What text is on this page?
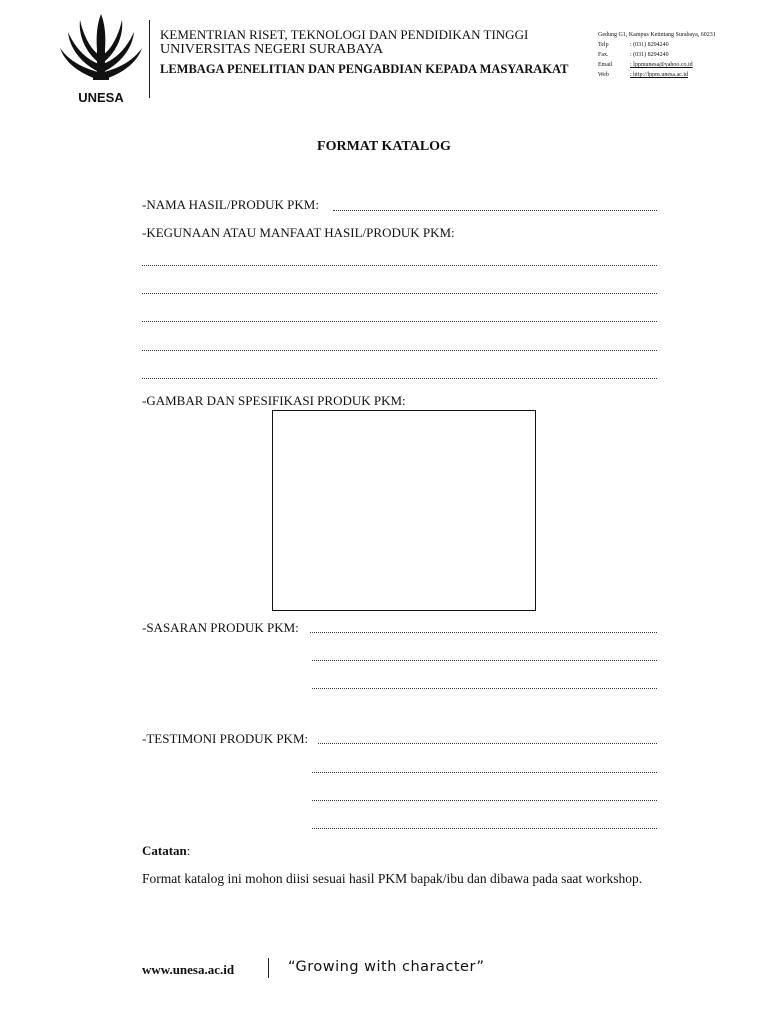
UNESA
KEMENTRIAN RISET, TEKNOLOGI DAN PENDIDIKAN TINGGI
UNIVERSITAS NEGERI SURABAYA
LEMBAGA PENELITIAN DAN PENGABDIAN KEPADA MASYARAKAT
Gedung G1, Kampus Ketintang Surabaya, 60231
Telp	: (031) 8294240
Fax.	: (031) 8294240
Email	: lppmunesa@yahoo.co.id
Web	: http://lppm.unesa.ac.id
FORMAT KATALOG
-NAMA HASIL/PRODUK PKM:
-KEGUNAAN ATAU MANFAAT HASIL/PRODUK PKM:
-GAMBAR DAN SPESIFIKASI PRODUK PKM:
-SASARAN PRODUK PKM:
-TESTIMONI PRODUK PKM:
Catatan:
Format katalog ini mohon diisi sesuai hasil PKM bapak/ibu dan dibawa pada saat workshop.
www.unesa.ac.id	“Growing with character”
